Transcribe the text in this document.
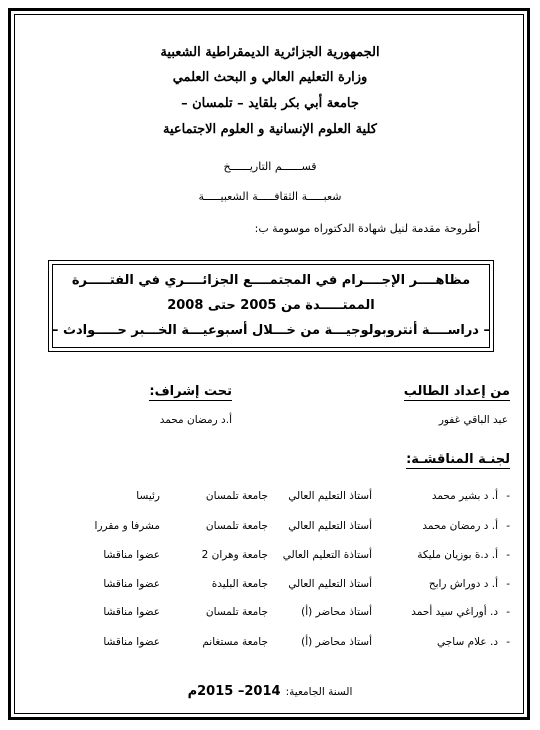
الجمهورية الجزائرية الديمقراطية الشعبية
وزارة التعليم العالي و البحث العلمي
جامعة أبي بكر بلقايد – تلمسان –
كلية العلوم الإنسانية و العلوم الاجتماعية
قســــــم التاريــــــخ
شعبـــــة الثقافـــــة الشعبيـــــة
أطروحة مقدمة لنيل شهادة الدكتوراه موسومة ب:
مظاهــــر الإجــــرام في المجتمــــع الجزائــــري في الفتـــــرة
الممتـــــدة من 2005 حتى 2008
– دراســــة أنتروبولوجيـــة من خـــلال أسبوعيـــة الخـــبر حـــــوادث –
من إعداد الطالب
عبد الباقي غفور
تحت إشراف:
أ.د رمضان محمد
لجنـة المناقشـة:
-
أ. د بشير محمد
أستاذ التعليم العالي
جامعة تلمسان
رئيسا
-
أ. د رمضان محمد
أستاذ التعليم العالي
جامعة تلمسان
مشرفا و مقررا
-
أ. د.ة بوزيان مليكة
أستاذة التعليم العالي
جامعة وهران 2
عضوا مناقشا
-
أ. د دوراش رابح
أستاذ التعليم العالي
جامعة البليدة
عضوا مناقشا
-
د. أوراغي سيد أحمد
أستاذ محاضر (أ)
جامعة تلمسان
عضوا مناقشا
-
د. علام ساجي
أستاذ محاضر (أ)
جامعة مستغانم
عضوا مناقشا
السنة الجامعية: 2014– 2015م
